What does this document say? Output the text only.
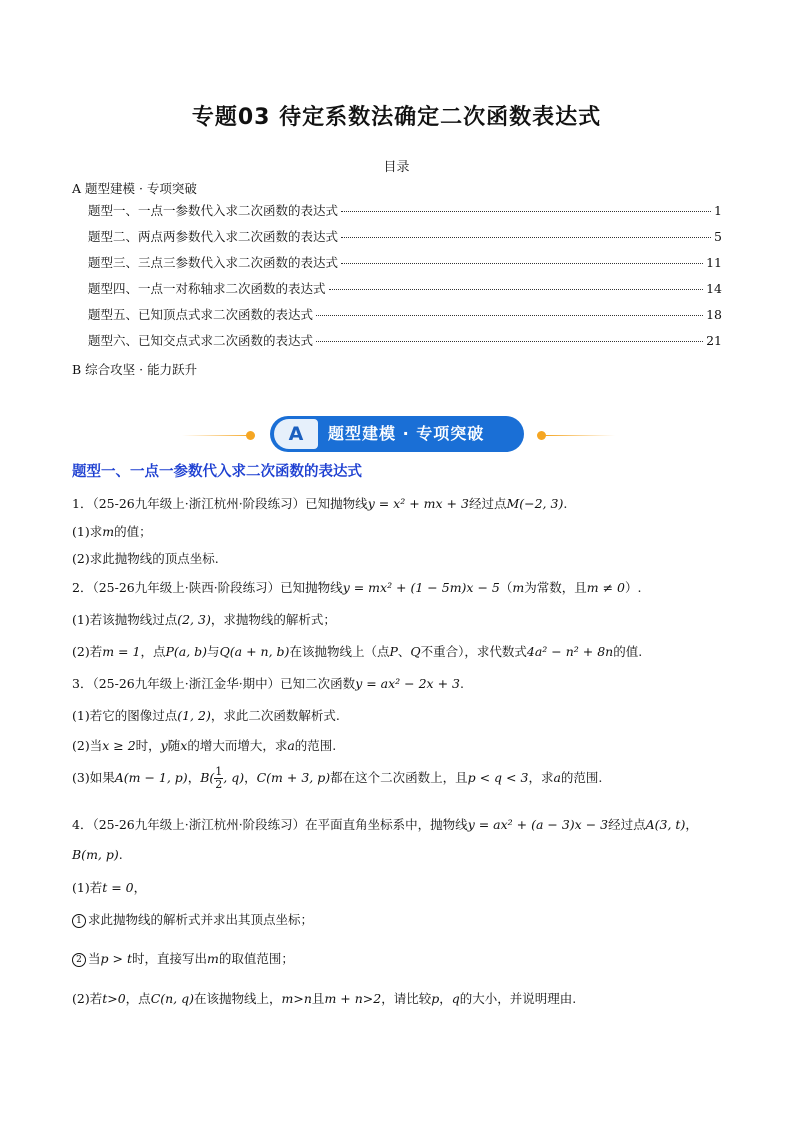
专题03 待定系数法确定二次函数表达式
目录
A 题型建模 · 专项突破
题型一、一点一参数代入求二次函数的表达式	1
题型二、两点两参数代入求二次函数的表达式	5
题型三、三点三参数代入求二次函数的表达式	11
题型四、一点一对称轴求二次函数的表达式	14
题型五、已知顶点式求二次函数的表达式	18
题型六、已知交点式求二次函数的表达式	21
B 综合攻坚 · 能力跃升
A	题型建模 · 专项突破
题型一、一点一参数代入求二次函数的表达式
1．（25-26九年级上·浙江杭州·阶段练习）已知抛物线y = x² + mx + 3经过点M(−2, 3).
(1)求m的值；
(2)求此抛物线的顶点坐标.
2．（25-26九年级上·陕西·阶段练习）已知抛物线y = mx² + (1 − 5m)x − 5（m为常数，且m ≠ 0）.
(1)若该抛物线过点(2, 3)，求抛物线的解析式；
(2)若m = 1，点P(a, b)与Q(a + n, b)在该抛物线上（点P、Q不重合），求代数式4a² − n² + 8n的值.
3．（25-26九年级上·浙江金华·期中）已知二次函数y = ax² − 2x + 3.
(1)若它的图像过点(1, 2)，求此二次函数解析式.
(2)当x ≥ 2时，y随x的增大而增大，求a的范围.
(3)如果A(m − 1, p)，$B( \frac{1}{2}$ , q)，C(m + 3, p)都在这个二次函数上，且p < q < 3，求a的范围.
4．（25-26九年级上·浙江杭州·阶段练习）在平面直角坐标系中，抛物线y = ax² + (a − 3)x − 3经过点A(3, t)，
B(m, p).
(1)若t = 0，
1 求此抛物线的解析式并求出其顶点坐标；
2 当p > t时，直接写出m的取值范围；
(2)若t>0，点C(n, q)在该抛物线上，m>n且m + n>2，请比较p，q的大小，并说明理由.
